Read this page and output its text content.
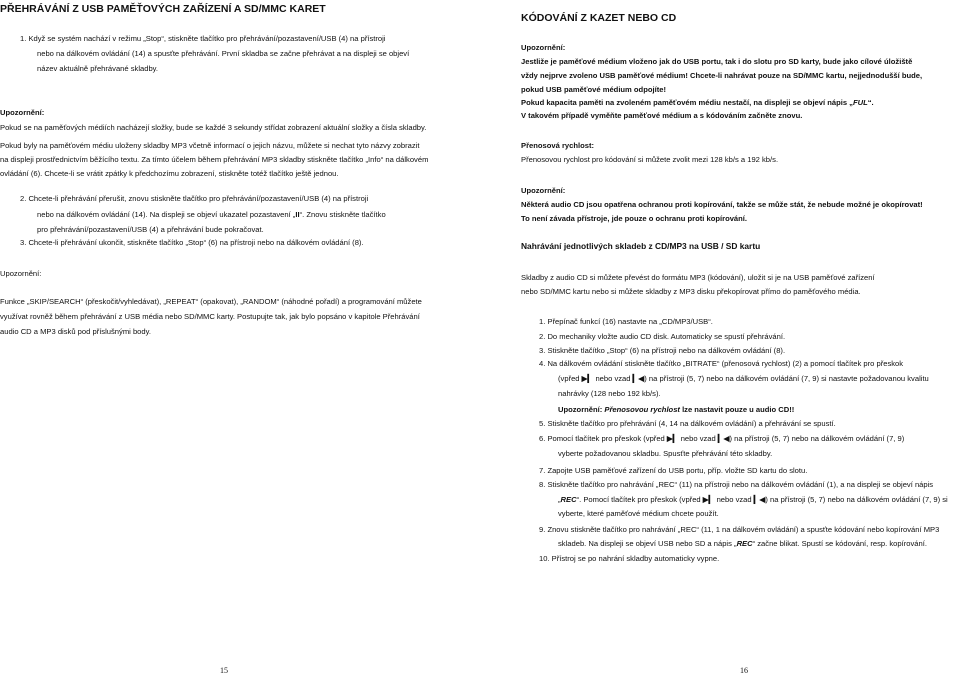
PŘEHRÁVÁNÍ Z USB PAMĚŤOVÝCH ZAŘÍZENÍ A SD/MMC KARET
1. Když se systém nachází v režimu „Stop“, stiskněte tlačítko pro přehrávání/pozastavení/USB (4) na přístroji
nebo na dálkovém ovládání (14) a spusťte přehrávání. První skladba se začne přehrávat a na displeji se objeví
název aktuálně přehrávané skladby.
Upozornění:
Pokud se na paměťových médiích nacházejí složky, bude se každé 3 sekundy střídat zobrazení aktuální složky a čísla skladby.
Pokud byly na paměťovém médiu uloženy skladby MP3 včetně informací o jejich názvu, můžete si nechat tyto názvy zobrazit
na displeji prostřednictvím běžícího textu. Za tímto účelem během přehrávání MP3 skladby stiskněte tlačítko „Info“ na dálkovém
ovládání (6). Chcete-li se vrátit zpátky k předchozímu zobrazení, stiskněte totéž tlačítko ještě jednou.
2. Chcete-li přehrávání přerušit, znovu stiskněte tlačítko pro přehrávání/pozastavení/USB (4) na přístroji
nebo na dálkovém ovládání (14). Na displeji se objeví ukazatel pozastavení „II“. Znovu stiskněte tlačítko
pro přehrávání/pozastavení/USB (4) a přehrávání bude pokračovat.
3. Chcete-li přehrávání ukončit, stiskněte tlačítko „Stop“ (6) na přístroji nebo na dálkovém ovládání (8).
Upozornění:
Funkce „SKIP/SEARCH“ (přeskočit/vyhledávat), „REPEAT“ (opakovat), „RANDOM“ (náhodné pořadí) a programování můžete
využívat rovněž během přehrávání z USB média nebo SD/MMC karty. Postupujte tak, jak bylo popsáno v kapitole Přehrávání
audio CD a MP3 disků pod příslušnými body.
15
KÓDOVÁNÍ Z KAZET NEBO CD
Upozornění:
Jestliže je paměťové médium vloženo jak do USB portu, tak i do slotu pro SD karty, bude jako cílové úložiště
vždy nejprve zvoleno USB paměťové médium! Chcete-li nahrávat pouze na SD/MMC kartu, nejjednodušší bude,
pokud USB paměťové médium odpojíte!
Pokud kapacita paměti na zvoleném paměťovém médiu nestačí, na displeji se objeví nápis „FUL“.
V takovém případě vyměňte paměťové médium a s kódováním začněte znovu.
Přenosová rychlost:
Přenosovou rychlost pro kódování si můžete zvolit mezi 128 kb/s a 192 kb/s.
Upozornění:
Některá audio CD jsou opatřena ochranou proti kopírování, takže se může stát, že nebude možné je okopírovat!
To není závada přístroje, jde pouze o ochranu proti kopírování.
Nahrávání jednotlivých skladeb z CD/MP3 na USB / SD kartu
Skladby z audio CD si můžete převést do formátu MP3 (kódování), uložit si je na USB paměťové zařízení
nebo SD/MMC kartu nebo si můžete skladby z MP3 disku překopírovat přímo do paměťového média.
1. Přepínač funkcí (16) nastavte na „CD/MP3/USB“.
2. Do mechaniky vložte audio CD disk. Automaticky se spustí přehrávání.
3. Stiskněte tlačítko „Stop“ (6) na přístroji nebo na dálkovém ovládání (8).
4. Na dálkovém ovládání stiskněte tlačítko „BITRATE“ (přenosová rychlost) (2) a pomocí tlačítek pro přeskok
(vpřed ▶▎ nebo vzad ▎◀) na přístroji (5, 7) nebo na dálkovém ovládání (7, 9) si nastavte požadovanou kvalitu
nahrávky (128 nebo 192 kb/s).
Upozornění: Přenosovou rychlost lze nastavit pouze u audio CD!!
5. Stiskněte tlačítko pro přehrávání (4, 14 na dálkovém ovládání) a přehrávání se spustí.
6. Pomocí tlačítek pro přeskok (vpřed ▶▎ nebo vzad ▎◀) na přístroji (5, 7) nebo na dálkovém ovládání (7, 9)
vyberte požadovanou skladbu. Spusťte přehrávání této skladby.
7. Zapojte USB paměťové zařízení do USB portu, příp. vložte SD kartu do slotu.
8. Stiskněte tlačítko pro nahrávání „REC“ (11) na přístroji nebo na dálkovém ovládání (1), a na displeji se objeví nápis
„REC“. Pomocí tlačítek pro přeskok (vpřed ▶▎ nebo vzad ▎◀) na přístroji (5, 7) nebo na dálkovém ovládání (7, 9) si
vyberte, které paměťové médium chcete použít.
9. Znovu stiskněte tlačítko pro nahrávání „REC“ (11, 1 na dálkovém ovládání) a spusťte kódování nebo kopírování MP3
skladeb. Na displeji se objeví USB nebo SD a nápis „REC“ začne blikat. Spustí se kódování, resp. kopírování.
10. Přístroj se po nahrání skladby automaticky vypne.
16
